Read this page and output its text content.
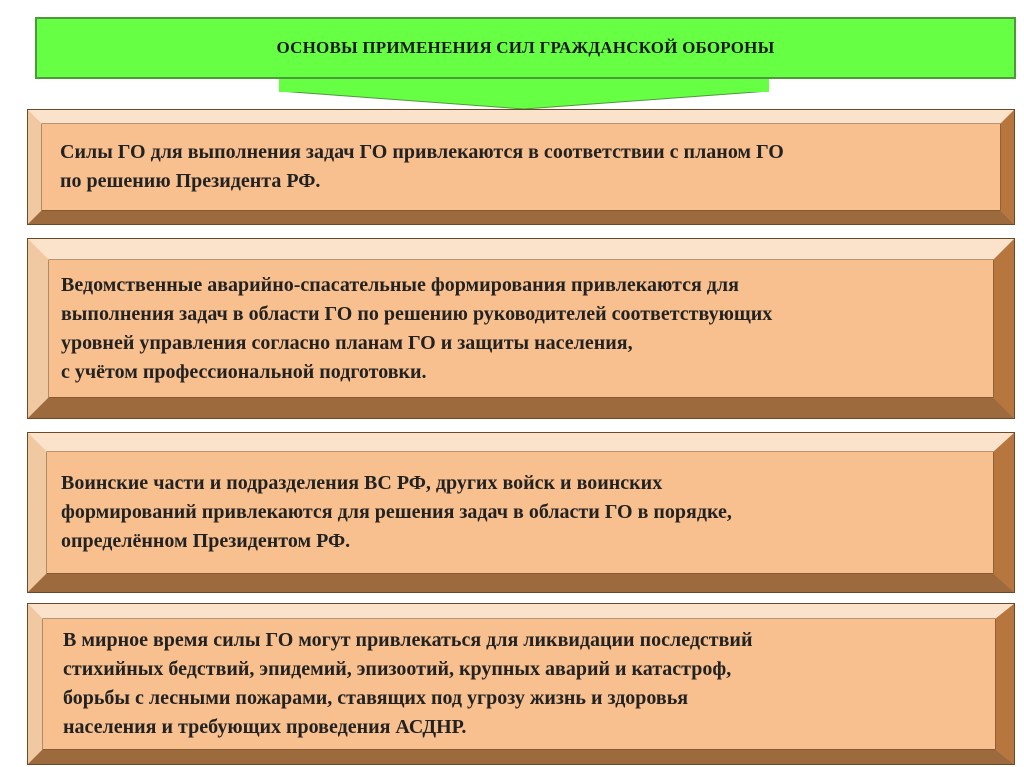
ОСНОВЫ ПРИМЕНЕНИЯ СИЛ ГРАЖДАНСКОЙ ОБОРОНЫ
Силы ГО для выполнения задач ГО привлекаются в соответствии с планом ГО
по решению Президента РФ.
Ведомственные аварийно-спасательные формирования привлекаются для
выполнения задач в области ГО по решению руководителей соответствующих
уровней управления согласно планам ГО и защиты населения,
с учётом профессиональной подготовки.
Воинские части и подразделения ВС РФ, других войск и воинских
формирований привлекаются для решения задач в области ГО в порядке,
определённом Президентом РФ.
В мирное время силы ГО могут привлекаться для ликвидации последствий
стихийных бедствий, эпидемий, эпизоотий, крупных аварий и катастроф,
борьбы с лесными пожарами, ставящих под угрозу жизнь и здоровья
населения и требующих проведения АСДНР.
